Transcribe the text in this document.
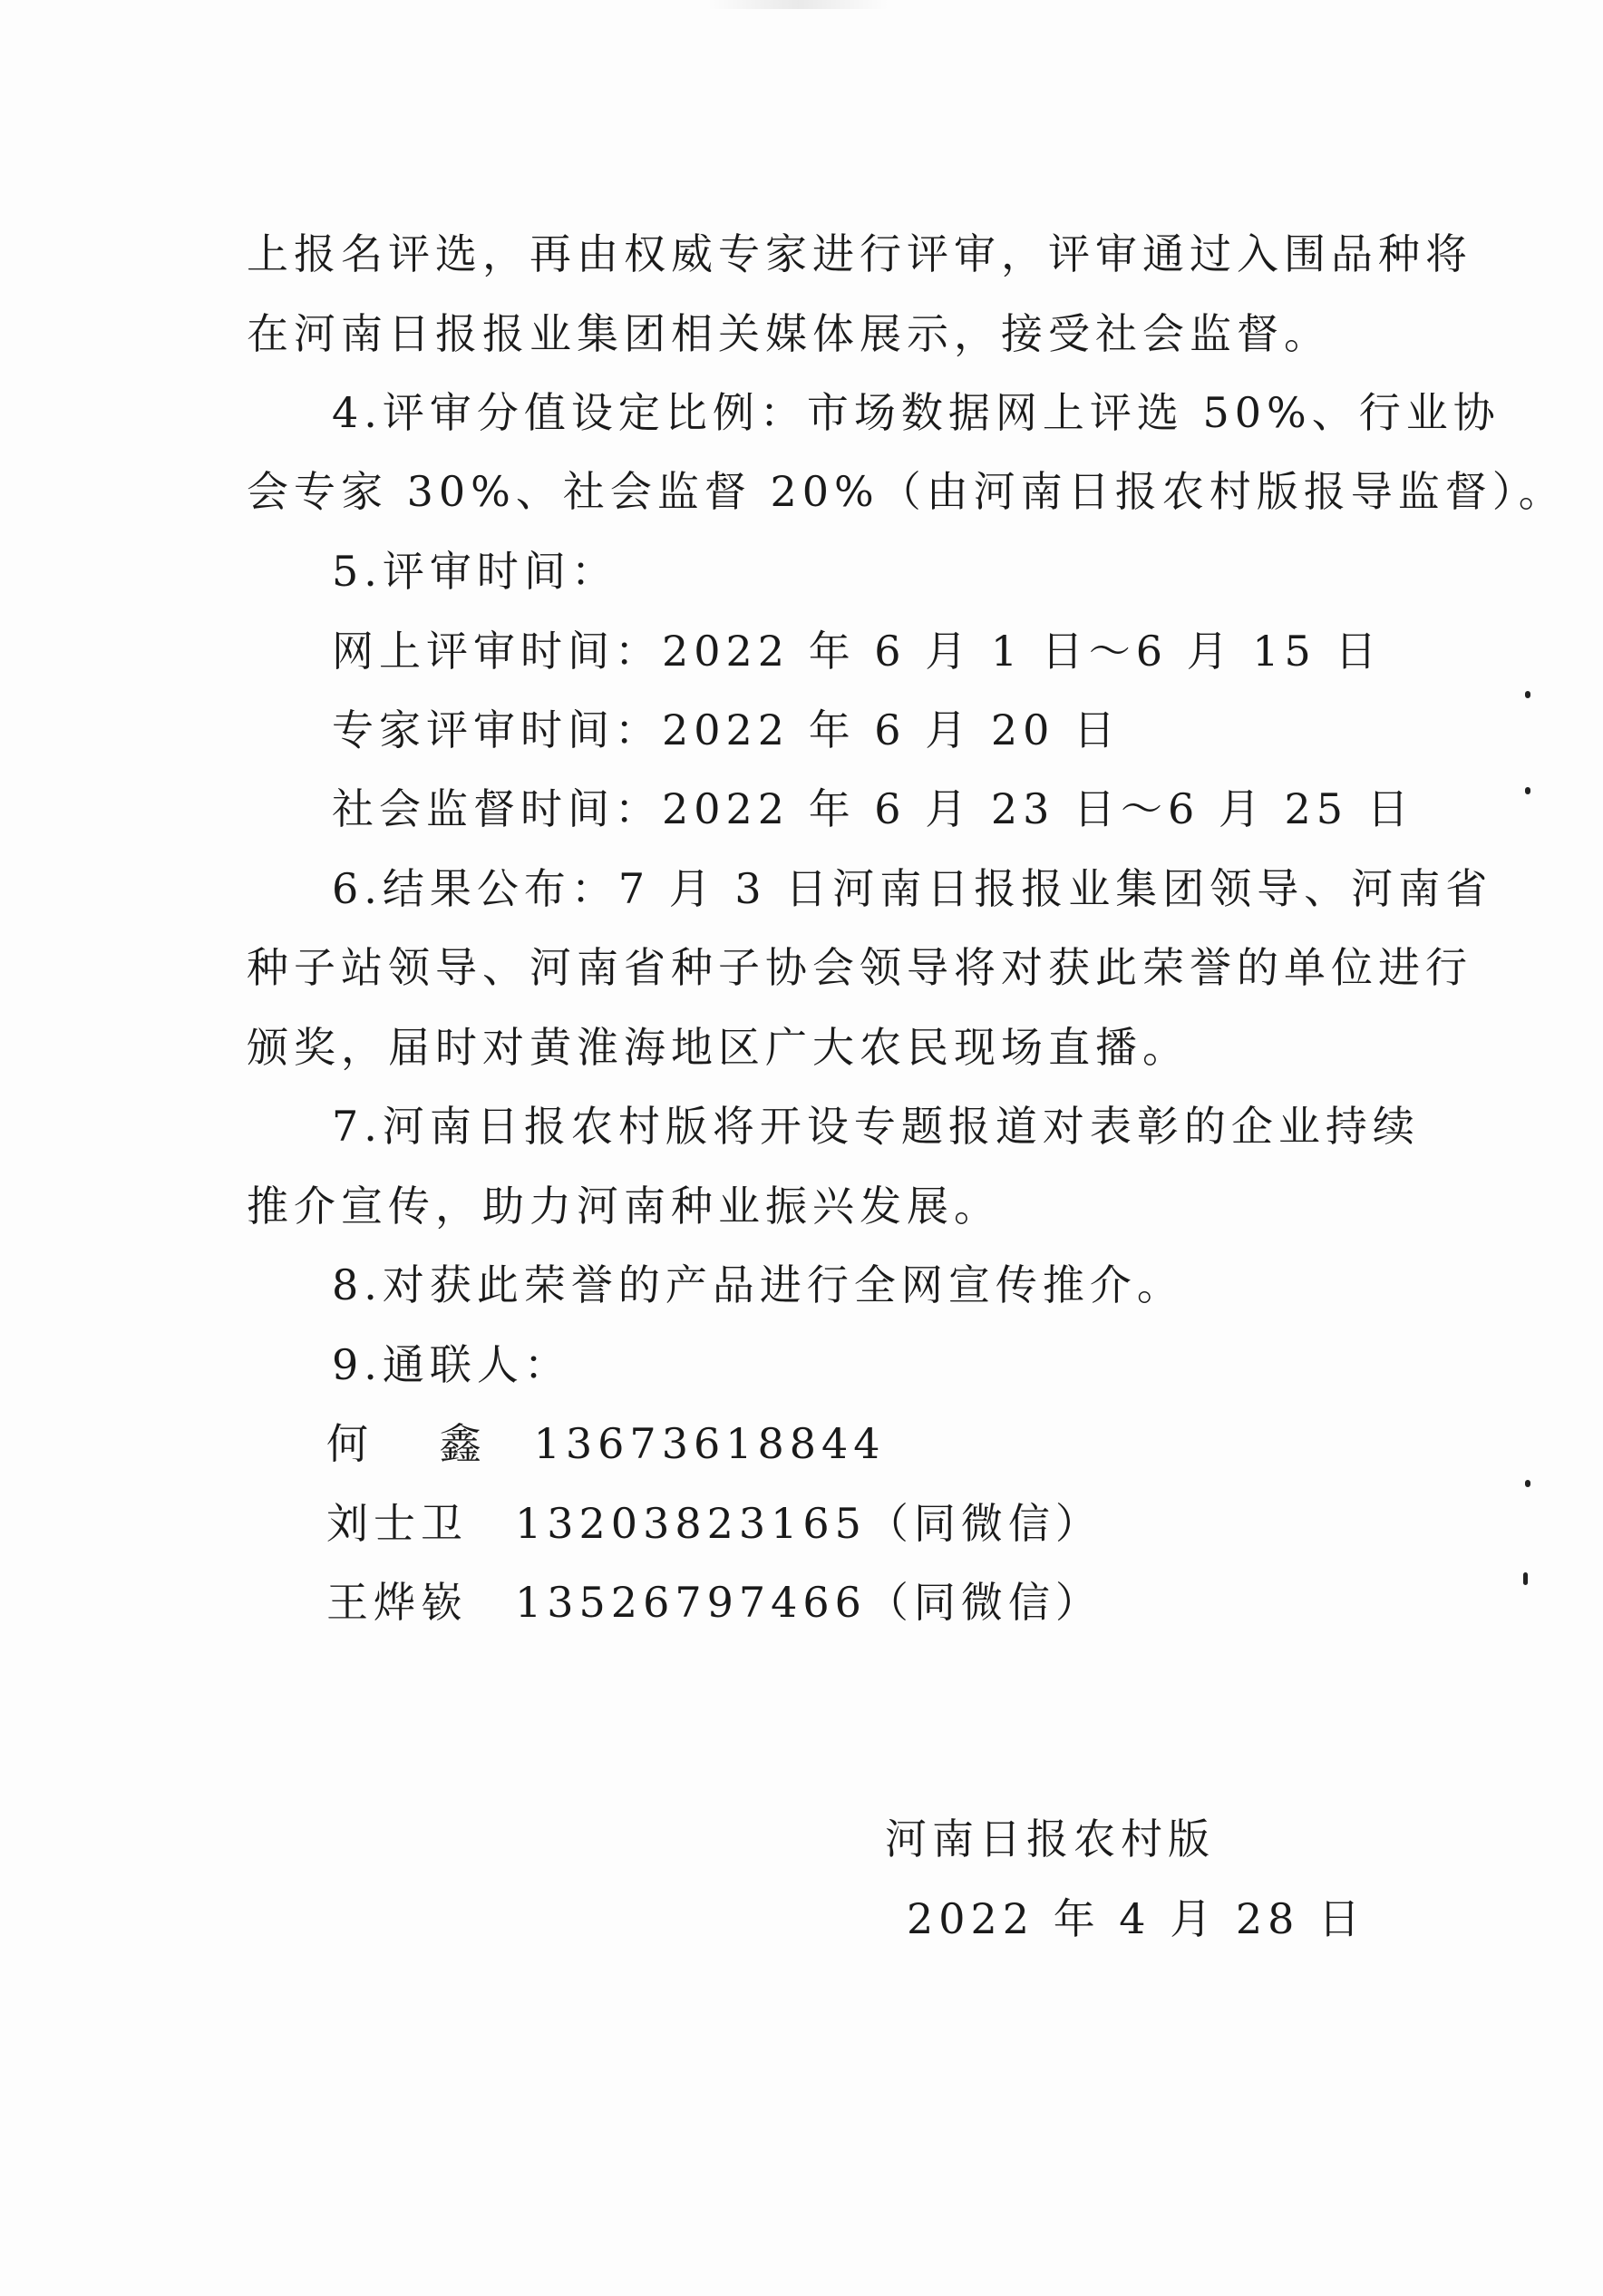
上报名评选，再由权威专家进行评审，评审通过入围品种将
在河南日报报业集团相关媒体展示，接受社会监督。
4.评审分值设定比例：市场数据网上评选 50%、行业协
会专家 30%、社会监督 20%（由河南日报农村版报导监督）。
5.评审时间：
网上评审时间：2022 年 6 月 1 日～6 月 15 日
专家评审时间：2022 年 6 月 20 日
社会监督时间：2022 年 6 月 23 日～6 月 25 日
6.结果公布：7 月 3 日河南日报报业集团领导、河南省
种子站领导、河南省种子协会领导将对获此荣誉的单位进行
颁奖，届时对黄淮海地区广大农民现场直播。
7.河南日报农村版将开设专题报道对表彰的企业持续
推介宣传，助力河南种业振兴发展。
8.对获此荣誉的产品进行全网宣传推介。
9.通联人：
何　 鑫　13673618844
刘士卫　13203823165（同微信）
王烨嵚　13526797466（同微信）
河南日报农村版
2022 年 4 月 28 日
